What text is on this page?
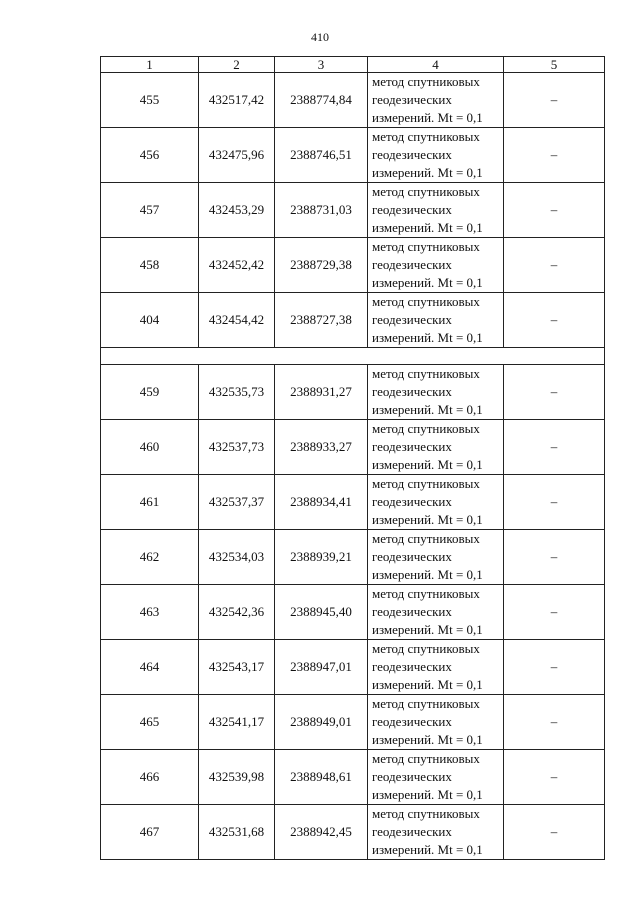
410
1	2	3	4	5
455	432517,42	2388774,84	метод спутниковых
геодезических
измерений. Mt = 0,1	–
456	432475,96	2388746,51	метод спутниковых
геодезических
измерений. Mt = 0,1	–
457	432453,29	2388731,03	метод спутниковых
геодезических
измерений. Mt = 0,1	–
458	432452,42	2388729,38	метод спутниковых
геодезических
измерений. Mt = 0,1	–
404	432454,42	2388727,38	метод спутниковых
геодезических
измерений. Mt = 0,1	–

459	432535,73	2388931,27	метод спутниковых
геодезических
измерений. Mt = 0,1	–
460	432537,73	2388933,27	метод спутниковых
геодезических
измерений. Mt = 0,1	–
461	432537,37	2388934,41	метод спутниковых
геодезических
измерений. Mt = 0,1	–
462	432534,03	2388939,21	метод спутниковых
геодезических
измерений. Mt = 0,1	–
463	432542,36	2388945,40	метод спутниковых
геодезических
измерений. Mt = 0,1	–
464	432543,17	2388947,01	метод спутниковых
геодезических
измерений. Mt = 0,1	–
465	432541,17	2388949,01	метод спутниковых
геодезических
измерений. Mt = 0,1	–
466	432539,98	2388948,61	метод спутниковых
геодезических
измерений. Mt = 0,1	–
467	432531,68	2388942,45	метод спутниковых
геодезических
измерений. Mt = 0,1	–
